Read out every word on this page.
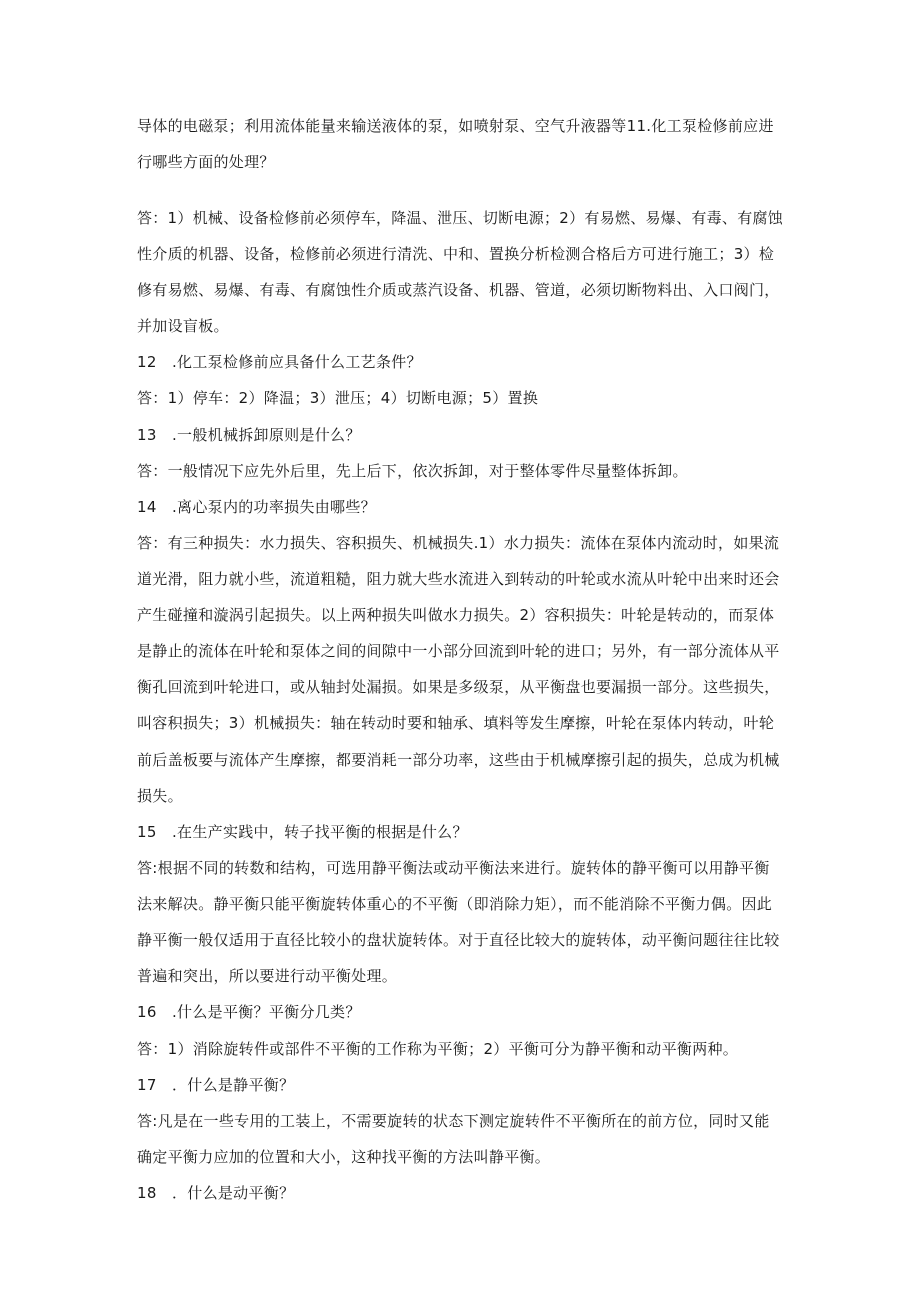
导体的电磁泵；利用流体能量来输送液体的泵，如喷射泵、空气升液器等11.化工泵检修前应进
行哪些方面的处理？
答：1）机械、设备检修前必须停车，降温、泄压、切断电源；2）有易燃、易爆、有毒、有腐蚀
性介质的机器、设备，检修前必须进行清洗、中和、置换分析检测合格后方可进行施工；3）检
修有易燃、易爆、有毒、有腐蚀性介质或蒸汽设备、机器、管道，必须切断物料出、入口阀门，
并加设盲板。
12　.化工泵检修前应具备什么工艺条件？
答：1）停车：2）降温；3）泄压；4）切断电源；5）置换
13　.一般机械拆卸原则是什么？
答：一般情况下应先外后里，先上后下，依次拆卸，对于整体零件尽量整体拆卸。
14　.离心泵内的功率损失由哪些？
答：有三种损失：水力损失、容积损失、机械损失.1）水力损失：流体在泵体内流动时，如果流
道光滑，阻力就小些，流道粗糙，阻力就大些水流进入到转动的叶轮或水流从叶轮中出来时还会
产生碰撞和漩涡引起损失。以上两种损失叫做水力损失。2）容积损失：叶轮是转动的，而泵体
是静止的流体在叶轮和泵体之间的间隙中一小部分回流到叶轮的进口；另外，有一部分流体从平
衡孔回流到叶轮进口，或从轴封处漏损。如果是多级泵，从平衡盘也要漏损一部分。这些损失，
叫容积损失；3）机械损失：轴在转动时要和轴承、填料等发生摩擦，叶轮在泵体内转动，叶轮
前后盖板要与流体产生摩擦，都要消耗一部分功率，这些由于机械摩擦引起的损失，总成为机械
损失。
15　.在生产实践中，转子找平衡的根据是什么？
答:根据不同的转数和结构，可选用静平衡法或动平衡法来进行。旋转体的静平衡可以用静平衡
法来解决。静平衡只能平衡旋转体重心的不平衡（即消除力矩），而不能消除不平衡力偶。因此
静平衡一般仅适用于直径比较小的盘状旋转体。对于直径比较大的旋转体，动平衡问题往往比较
普遍和突出，所以要进行动平衡处理。
16　.什么是平衡？平衡分几类？
答：1）消除旋转件或部件不平衡的工作称为平衡；2）平衡可分为静平衡和动平衡两种。
17　．什么是静平衡？
答:凡是在一些专用的工装上，不需要旋转的状态下测定旋转件不平衡所在的前方位，同时又能
确定平衡力应加的位置和大小，这种找平衡的方法叫静平衡。
18　．什么是动平衡？
